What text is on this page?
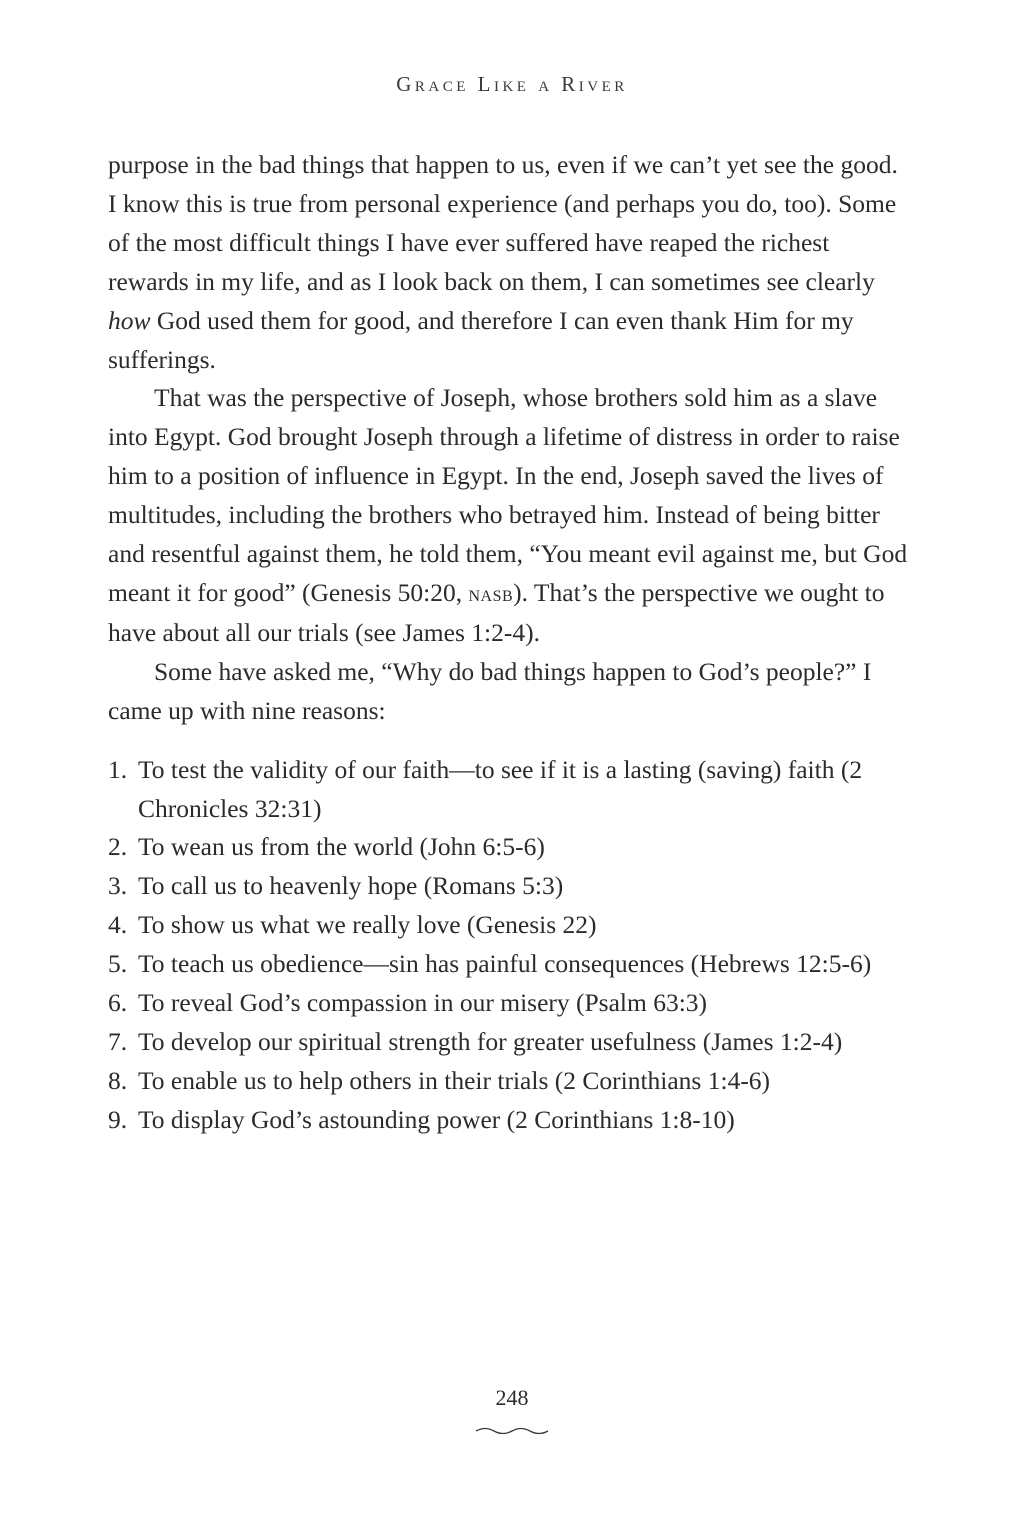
Grace Like a River

purpose in the bad things that happen to us, even if we can’t yet see the good. I know this is true from personal experience (and perhaps you do, too). Some of the most difficult things I have ever suffered have reaped the richest rewards in my life, and as I look back on them, I can sometimes see clearly how God used them for good, and therefore I can even thank Him for my sufferings.

That was the perspective of Joseph, whose brothers sold him as a slave into Egypt. God brought Joseph through a lifetime of distress in order to raise him to a position of influence in Egypt. In the end, Joseph saved the lives of multitudes, including the brothers who betrayed him. Instead of being bitter and resentful against them, he told them, “You meant evil against me, but God meant it for good” (Genesis 50:20, nasb). That’s the perspective we ought to have about all our trials (see James 1:2-4).

Some have asked me, “Why do bad things happen to God’s people?” I came up with nine reasons:

1. To test the validity of our faith—to see if it is a lasting (saving) faith (2 Chronicles 32:31)
2. To wean us from the world (John 6:5-6)
3. To call us to heavenly hope (Romans 5:3)
4. To show us what we really love (Genesis 22)
5. To teach us obedience—sin has painful consequences (Hebrews 12:5-6)
6. To reveal God’s compassion in our misery (Psalm 63:3)
7. To develop our spiritual strength for greater usefulness (James 1:2-4)
8. To enable us to help others in their trials (2 Corinthians 1:4-6)
9. To display God’s astounding power (2 Corinthians 1:8-10)
248
